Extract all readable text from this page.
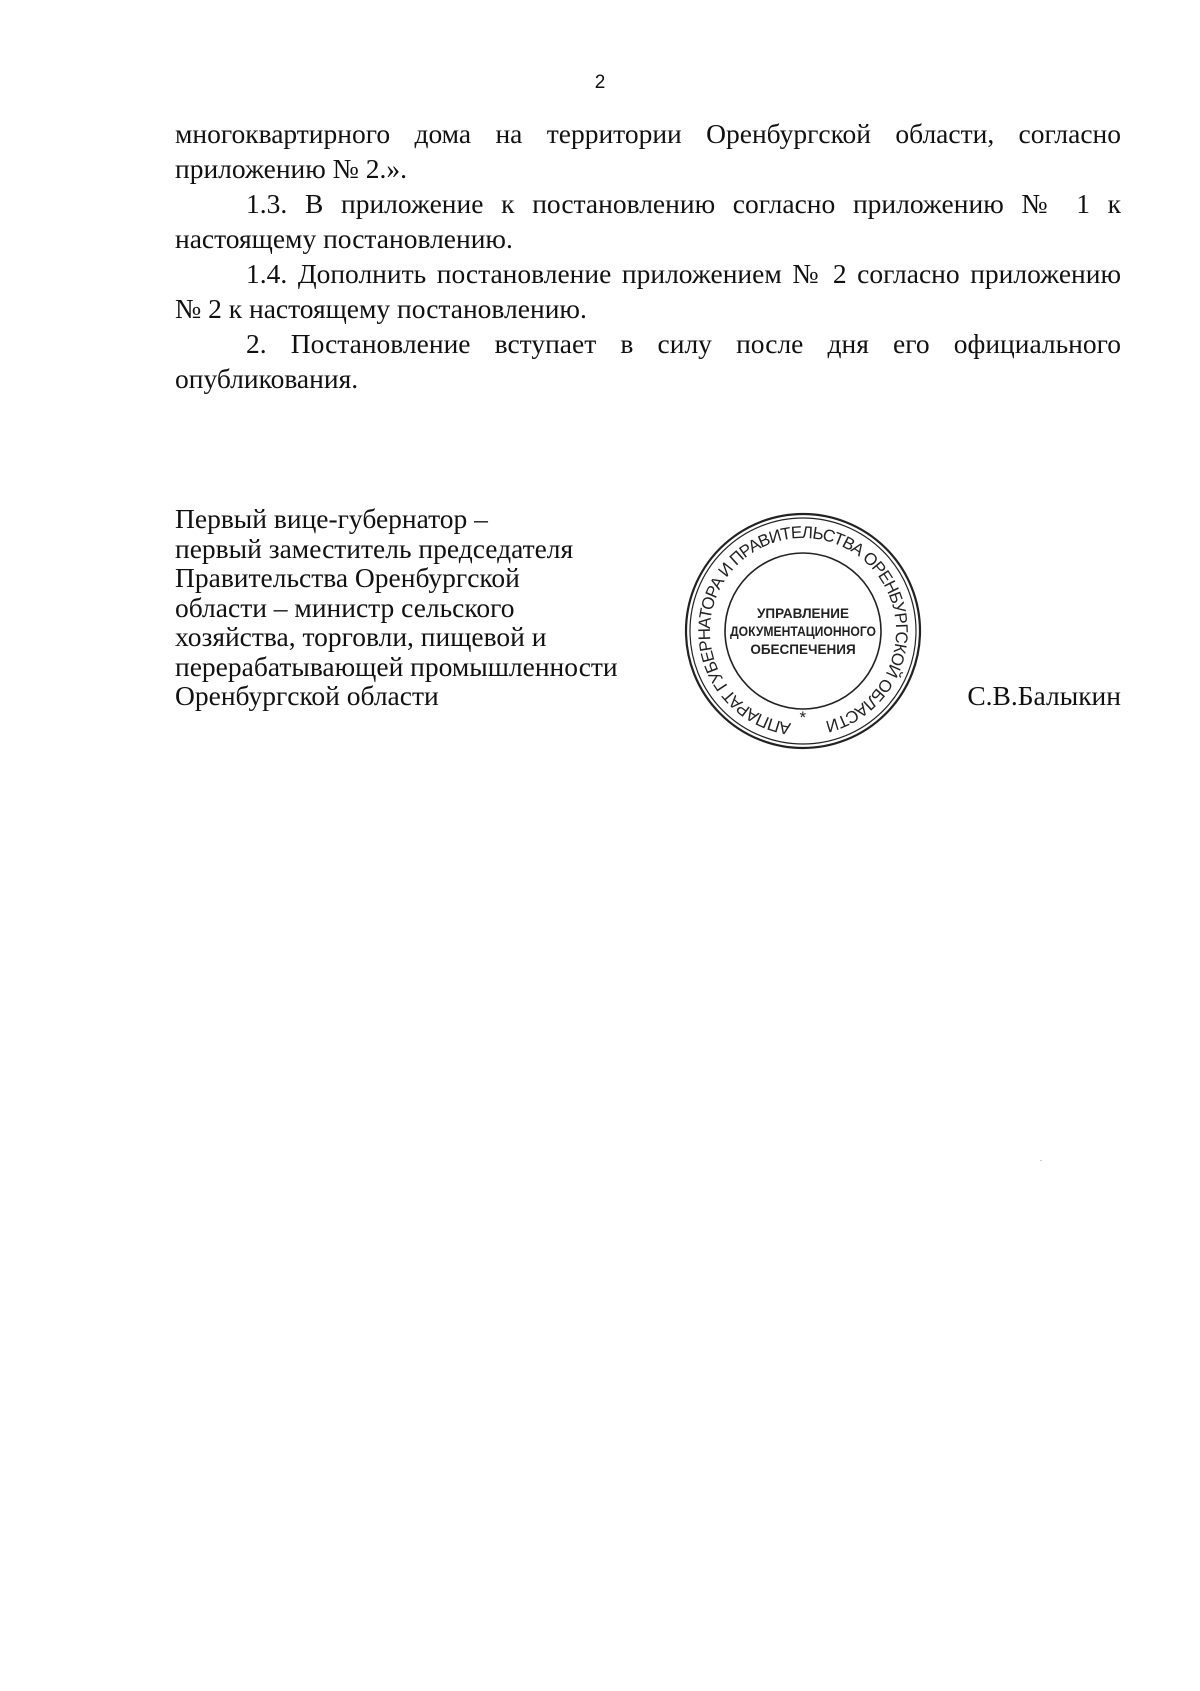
2

многоквартирного дома на территории Оренбургской области, согласно приложению № 2.».

1.3. В приложение к постановлению согласно приложению № 1 к настоящему постановлению.

1.4. Дополнить постановление приложением № 2 согласно приложению № 2 к настоящему постановлению.

2. Постановление вступает в силу после дня его официального опубликования.

Первый вице-губернатор –
первый заместитель председателя
Правительства Оренбургской
области – министр сельского
хозяйства, торговли, пищевой и
перерабатывающей промышленности
Оренбургской области
АППАРАТ ГУБЕРНАТОРА И ПРАВИТЕЛЬСТВА ОРЕНБУРГСКОЙ ОБЛАСТИ
*
УПРАВЛЕНИЕ
ДОКУМЕНТАЦИОННОГО
ОБЕСПЕЧЕНИЯ
С.В.Балыкин
